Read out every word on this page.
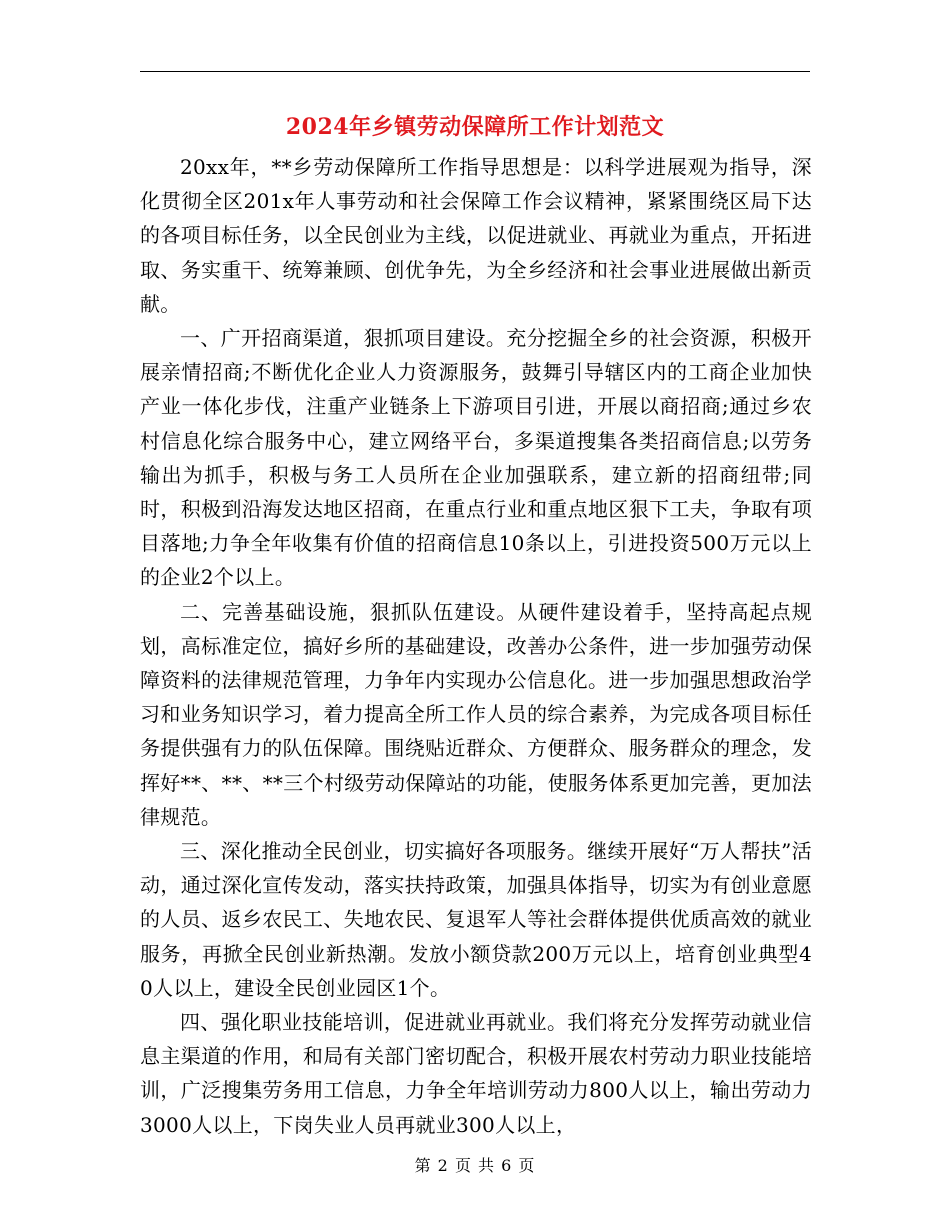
2024年乡镇劳动保障所工作计划范文

20xx年，**乡劳动保障所工作指导思想是：以科学进展观为指导，深化贯彻全区201x年人事劳动和社会保障工作会议精神，紧紧围绕区局下达的各项目标任务，以全民创业为主线，以促进就业、再就业为重点，开拓进取、务实重干、统筹兼顾、创优争先，为全乡经济和社会事业进展做出新贡献。

一、广开招商渠道，狠抓项目建设。充分挖掘全乡的社会资源，积极开展亲情招商;不断优化企业人力资源服务，鼓舞引导辖区内的工商企业加快产业一体化步伐，注重产业链条上下游项目引进，开展以商招商;通过乡农村信息化综合服务中心，建立网络平台，多渠道搜集各类招商信息;以劳务输出为抓手，积极与务工人员所在企业加强联系，建立新的招商纽带;同时，积极到沿海发达地区招商，在重点行业和重点地区狠下工夫，争取有项目落地;力争全年收集有价值的招商信息10条以上，引进投资500万元以上的企业2个以上。

二、完善基础设施，狠抓队伍建设。从硬件建设着手，坚持高起点规划，高标准定位，搞好乡所的基础建设，改善办公条件，进一步加强劳动保障资料的法律规范管理，力争年内实现办公信息化。进一步加强思想政治学习和业务知识学习，着力提高全所工作人员的综合素养，为完成各项目标任务提供强有力的队伍保障。围绕贴近群众、方便群众、服务群众的理念，发挥好**、**、**三个村级劳动保障站的功能，使服务体系更加完善，更加法律规范。

三、深化推动全民创业，切实搞好各项服务。继续开展好“万人帮扶”活动，通过深化宣传发动，落实扶持政策，加强具体指导，切实为有创业意愿的人员、返乡农民工、失地农民、复退军人等社会群体提供优质高效的就业服务，再掀全民创业新热潮。发放小额贷款200万元以上，培育创业典型40人以上，建设全民创业园区1个。

四、强化职业技能培训，促进就业再就业。我们将充分发挥劳动就业信息主渠道的作用，和局有关部门密切配合，积极开展农村劳动力职业技能培训，广泛搜集劳务用工信息，力争全年培训劳动力800人以上，输出劳动力3000人以上，下岗失业人员再就业300人以上，

第 2 页 共 6 页
